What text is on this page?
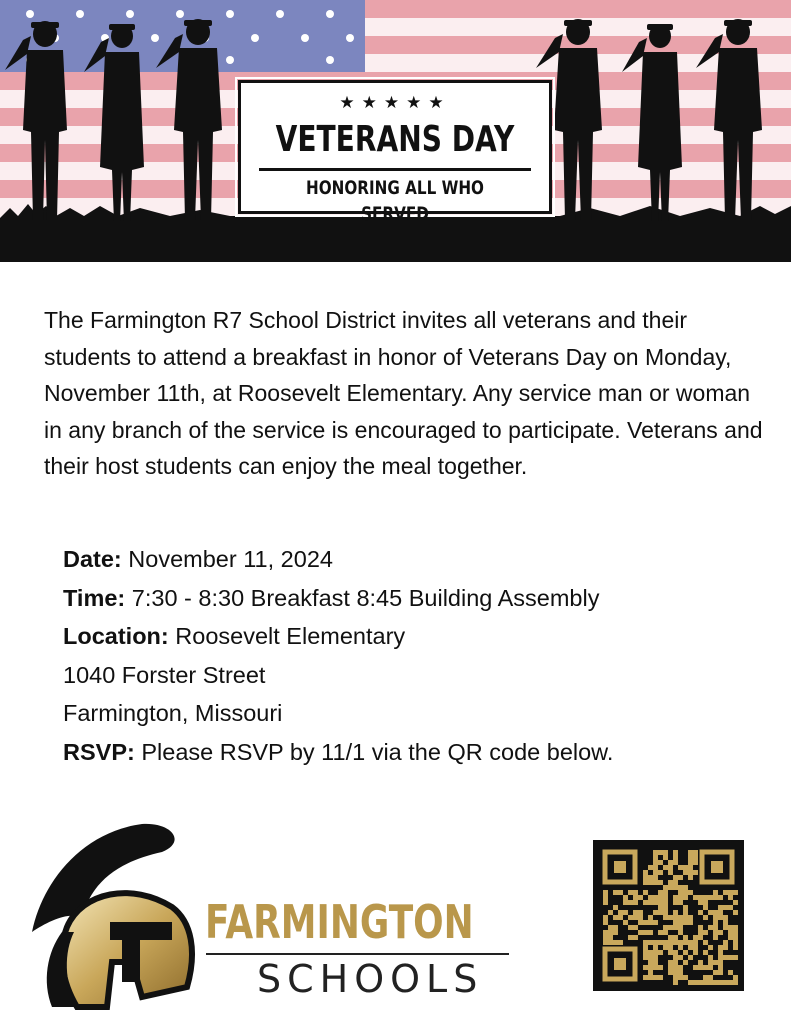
★★★★★
VETERANS DAY
HONORING ALL WHO SERVED

The Farmington R7 School District invites all veterans and their students to attend a breakfast in honor of Veterans Day on Monday, November 11th, at Roosevelt Elementary. Any service man or woman in any branch of the service is encouraged to participate. Veterans and their host students can enjoy the meal together.

Date: November 11, 2024
Time: 7:30 - 8:30 Breakfast 8:45 Building Assembly
Location: Roosevelt Elementary
1040 Forster Street
Farmington, Missouri
RSVP: Please RSVP by 11/1 via the QR code below.
FARMINGTON
SCHOOLS
